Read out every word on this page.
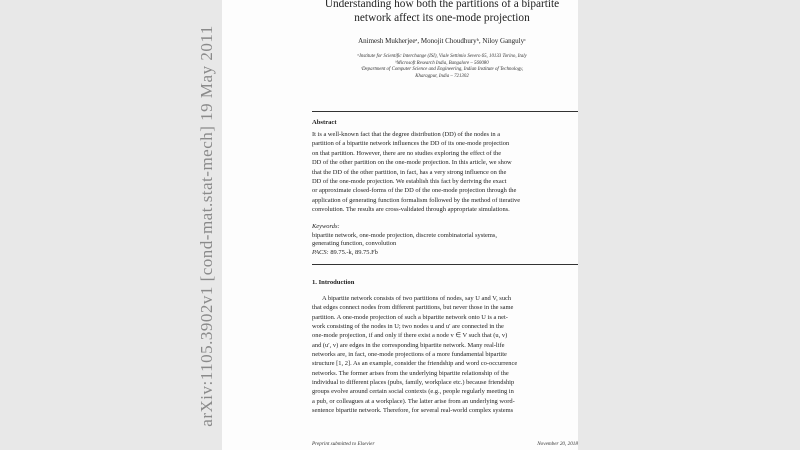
Understanding how both the partitions of a bipartite
network affect its one-mode projection
Animesh Mukherjeeᵃ, Monojit Choudhuryᵇ, Niloy Gangulyᶜ
ᵃInstitute for Scientific Interchange (ISI), Viale Settimio Severo 65, 10133 Torino, Italy
ᵇMicrosoft Research India, Bangalore – 560080
ᶜDepartment of Computer Science and Engineering, Indian Institute of Technology,
Kharagpur, India – 721302
Abstract
It is a well-known fact that the degree distribution (DD) of the nodes in a
partition of a bipartite network influences the DD of its one-mode projection
on that partition. However, there are no studies exploring the effect of the
DD of the other partition on the one-mode projection. In this article, we show
that the DD of the other partition, in fact, has a very strong influence on the
DD of the one-mode projection. We establish this fact by deriving the exact
or approximate closed-forms of the DD of the one-mode projection through the
application of generating function formalism followed by the method of iterative
convolution. The results are cross-validated through appropriate simulations.
Keywords:
bipartite network, one-mode projection, discrete combinatorial systems,
generating function, convolution
PACS: 89.75.-k, 89.75.Fb
1. Introduction
A bipartite network consists of two partitions of nodes, say U and V, such
that edges connect nodes from different partitions, but never those in the same
partition. A one-mode projection of such a bipartite network onto U is a net-
work consisting of the nodes in U; two nodes u and u′ are connected in the
one-mode projection, if and only if there exist a node v ∈ V such that (u, v)
and (u′, v) are edges in the corresponding bipartite network. Many real-life
networks are, in fact, one-mode projections of a more fundamental bipartite
structure [1, 2]. As an example, consider the friendship and word co-occurrence
networks. The former arises from the underlying bipartite relationship of the
individual to different places (pubs, family, workplace etc.) because friendship
groups evolve around certain social contexts (e.g., people regularly meeting in
a pub, or colleagues at a workplace). The latter arise from an underlying word-
sentence bipartite network. Therefore, for several real-world complex systems
Preprint submitted to Elsevier	November 20, 2018
arXiv:1105.3902v1 [cond-mat.stat-mech] 19 May 2011
